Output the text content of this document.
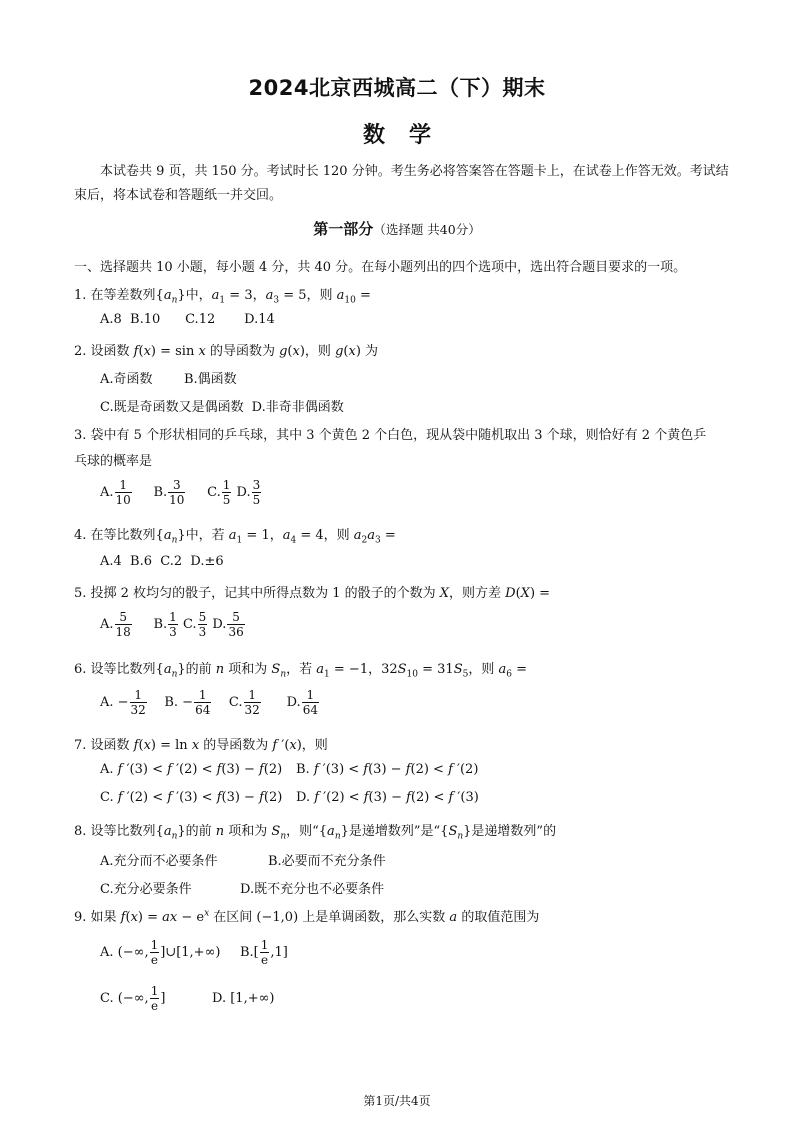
2024北京西城高二（下）期末
数学
本试卷共 9 页，共 150 分。考试时长 120 分钟。考生务必将答案答在答题卡上，在试卷上作答无效。考试结束后，将本试卷和答题纸一并交回。
第一部分（选择题 共40分）
一、选择题共 10 小题，每小题 4 分，共 40 分。在每小题列出的四个选项中，选出符合题目要求的一项。
1. 在等差数列$\{a_n\}$中，$a_1 = 3$，$a_3 = 5$，则 $a_{10}$ =
A.8  B.10      C.12       D.14
2. 设函数 f(x) = sin x 的导函数为 g(x)，则 g(x) 为
A.奇函数 B.偶函数
C.既是奇函数又是偶函数 D.非奇非偶函数
3. 袋中有 5 个形状相同的乒乓球，其中 3 个黄色 2 个白色，现从袋中随机取出 3 个球，则恰好有 2 个黄色乒
乓球的概率是
A. $\frac{1}{10} B$. $\frac{3}{10} C$. $\frac{1}{5} D$. $\frac{3}{5}$
4. 在等比数列$\{a_n\}$中，若 $a_1 = 1$，$a_4 = 4$，则 $a_2a_3$ =
A.4  B.6  C.2  D.±6
5. 投掷 2 枚均匀的骰子，记其中所得点数为 1 的骰子的个数为 X，则方差 D(X) =
A. $\frac{5}{18} B$. $\frac{1}{3} C$. $\frac{5}{3} D$. $\frac{5}{36}$
6. 设等比数列$\{a_n\}$的前 n 项和为 $S_n$，若 $a_1 = -1$，$32S_{10} = 31S_5$，则 $a_6$ =
A. − $\frac{1}{32} B$. − $\frac{1}{64} C$. $\frac{1}{32} D$. $\frac{1}{64}$
7. 设函数 f(x) = ln x 的导函数为 f ′(x)，则
A. f ′(3) < f ′(2) < f(3) − f(2) B. f ′(3) < f(3) − f(2) < f ′(2)
C. f ′(2) < f ′(3) < f(3) − f(2) D. f ′(2) < f(3) − f(2) < f ′(3)
8. 设等比数列$\{a_n\}$的前 n 项和为 $S_n$，则“$\{a_n\}$是递增数列”是“$\{S_n\}$是递增数列”的
A.充分而不必要条件	B.必要而不充分条件
C.充分必要条件	D.既不充分也不必要条件
9. 如果 f(x) = ax − $e^x$ 在区间 (−1,0) 上是单调函数，那么实数 a 的取值范围为
A. (−∞, $\frac{1}{e}$ ]∪[1,+∞) $B.[ \frac{1}{e} ,1]$
C. (−∞, $\frac{1}{e}$ ]	D. [1,+∞)
第1页/共4页
